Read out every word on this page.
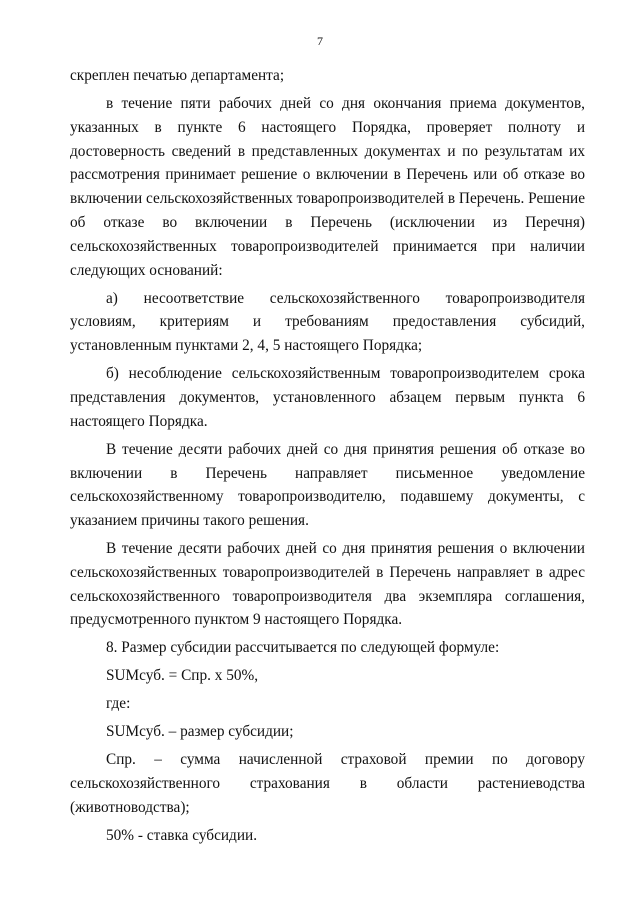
7

скреплен печатью департамента;

в течение пяти рабочих дней со дня окончания приема документов, указанных в пункте 6 настоящего Порядка, проверяет полноту и достоверность сведений в представленных документах и по результатам их рассмотрения принимает решение о включении в Перечень или об отказе во включении сельскохозяйственных товаропроизводителей в Перечень. Решение об отказе во включении в Перечень (исключении из Перечня) сельскохозяйственных товаропроизводителей принимается при наличии следующих оснований:

а) несоответствие сельскохозяйственного товаропроизводителя условиям, критериям и требованиям предоставления субсидий, установленным пунктами 2, 4, 5 настоящего Порядка;

б) несоблюдение сельскохозяйственным товаропроизводителем срока представления документов, установленного абзацем первым пункта 6 настоящего Порядка.

В течение десяти рабочих дней со дня принятия решения об отказе во включении в Перечень направляет письменное уведомление сельскохозяйственному товаропроизводителю, подавшему документы, с указанием причины такого решения.

В течение десяти рабочих дней со дня принятия решения о включении сельскохозяйственных товаропроизводителей в Перечень направляет в адрес сельскохозяйственного товаропроизводителя два экземпляра соглашения, предусмотренного пунктом 9 настоящего Порядка.

8. Размер субсидии рассчитывается по следующей формуле:

SUMсуб. = Спр. х 50%,

где:

SUMсуб. – размер субсидии;

Спр. – сумма начисленной страховой премии по договору сельскохозяйственного страхования в области растениеводства (животноводства);

50% - ставка субсидии.
